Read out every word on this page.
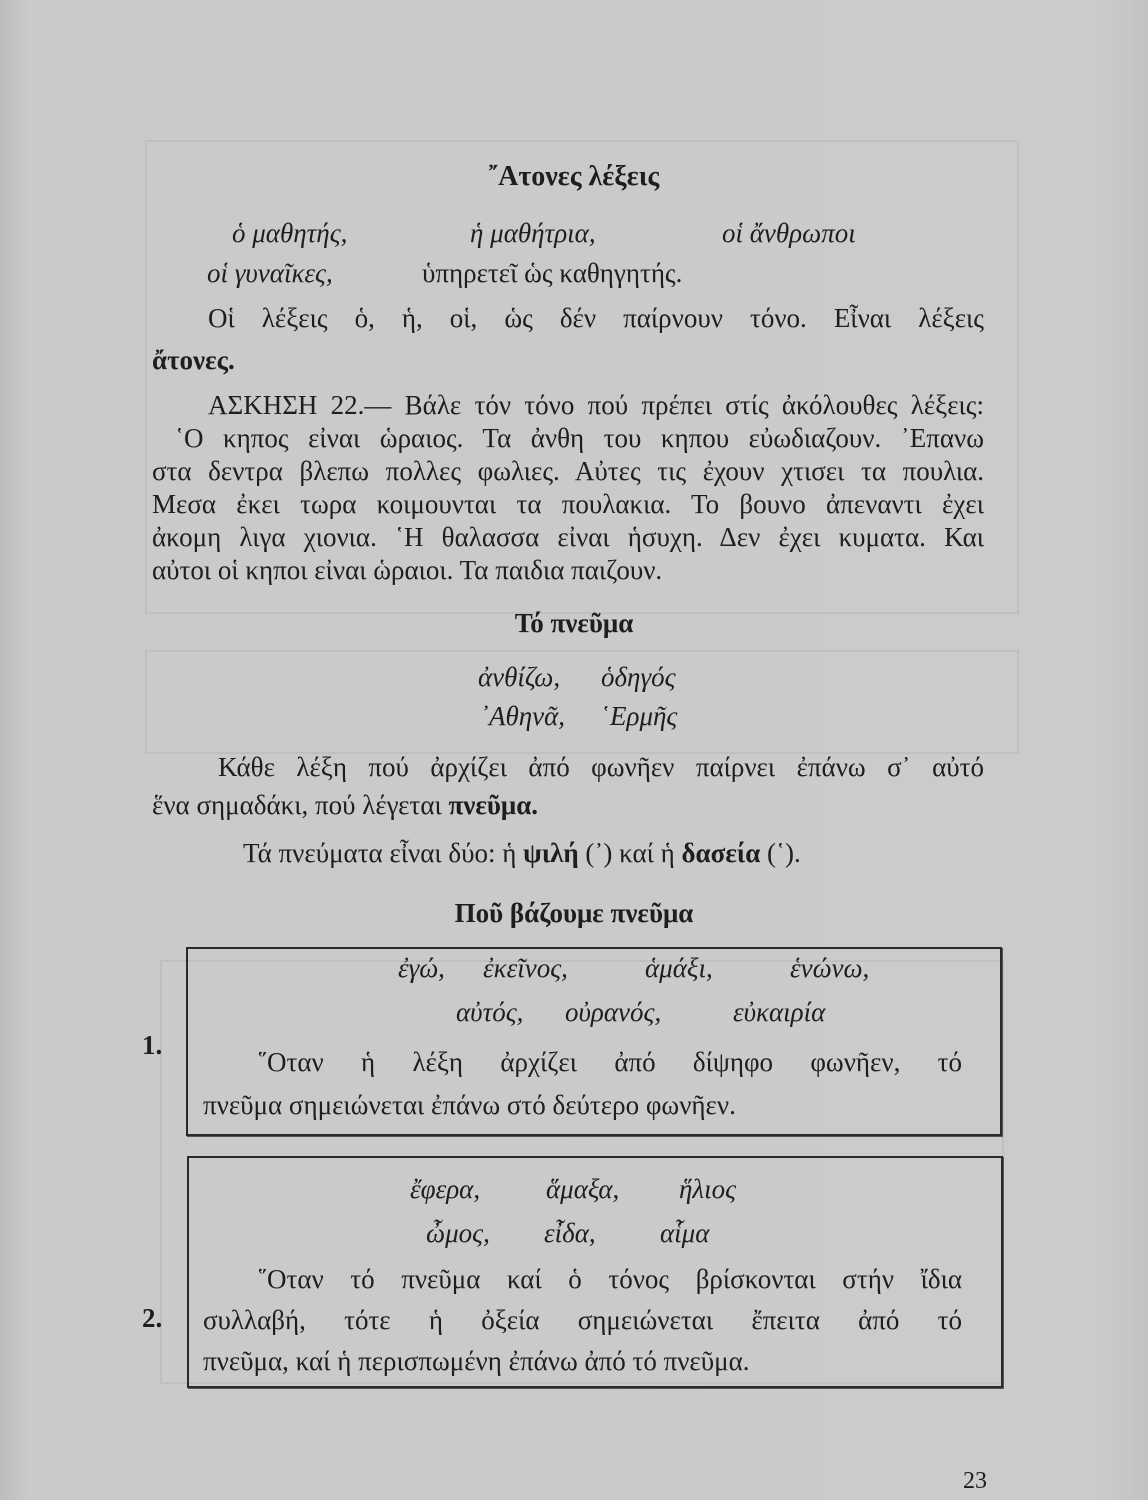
῎Ατονες λέξεις
ὁ μαθητής,	ἡ μαθήτρια,	οἱ ἄνθρωποι
οἱ γυναῖκες,	ὑπηρετεῖ ὡς καθηγητής.
Οἱ λέξεις ὁ, ἡ, οἱ, ὡς δέν παίρνουν τόνο. Εἶναι λέξεις
ἄτονες.
ΑΣΚΗΣΗ 22.— Βάλε τόν τόνο πού πρέπει στίς ἀκόλουθες λέξεις:
῾Ο κηπος εἰναι ὡραιος. Τα ἀνθη του κηπου εὐωδιαζουν. ᾿Επανω
στα δεντρα βλεπω πολλες φωλιες. Αὐτες τις ἐχουν χτισει τα πουλια.
Μεσα ἐκει τωρα κοιμουνται τα πουλακια. Το βουνο ἀπεναντι ἐχει
ἀκομη λιγα χιονια. ῾Η θαλασσα εἰναι ἡσυχη. Δεν ἐχει κυματα. Και
αὐτοι οἱ κηποι εἰναι ὡραιοι. Τα παιδια παιζουν.
Τό πνεῦμα
ἀνθίζω, ὁδηγός
᾿Αθηνᾶ, ῾Ερμῆς
Κάθε λέξη πού ἀρχίζει ἀπό φωνῆεν παίρνει ἐπάνω σ᾿ αὐτό
ἕνα σημαδάκι, πού λέγεται πνεῦμα.
Τά πνεύματα εἶναι δύο: ἡ ψιλή (᾿) καί ἡ δασεία (῾).
Ποῦ βάζουμε πνεῦμα
1.
ἐγώ, ἐκεῖνος,	ἁμάξι,	ἑνώνω,
αὐτός, οὐρανός,	εὐκαιρία
῞Οταν ἡ λέξη ἀρχίζει ἀπό δίψηφο φωνῆεν, τό
πνεῦμα σημειώνεται ἐπάνω στό δεύτερο φωνῆεν.
2.
ἔφερα, ἅμαξα, ἥλιος
ὦμος, εἶδα, αἷμα
῞Οταν τό πνεῦμα καί ὁ τόνος βρίσκονται στήν ἴδια
συλλαβή, τότε ἡ ὀξεία σημειώνεται ἔπειτα ἀπό τό
πνεῦμα, καί ἡ περισπωμένη ἐπάνω ἀπό τό πνεῦμα.
23
